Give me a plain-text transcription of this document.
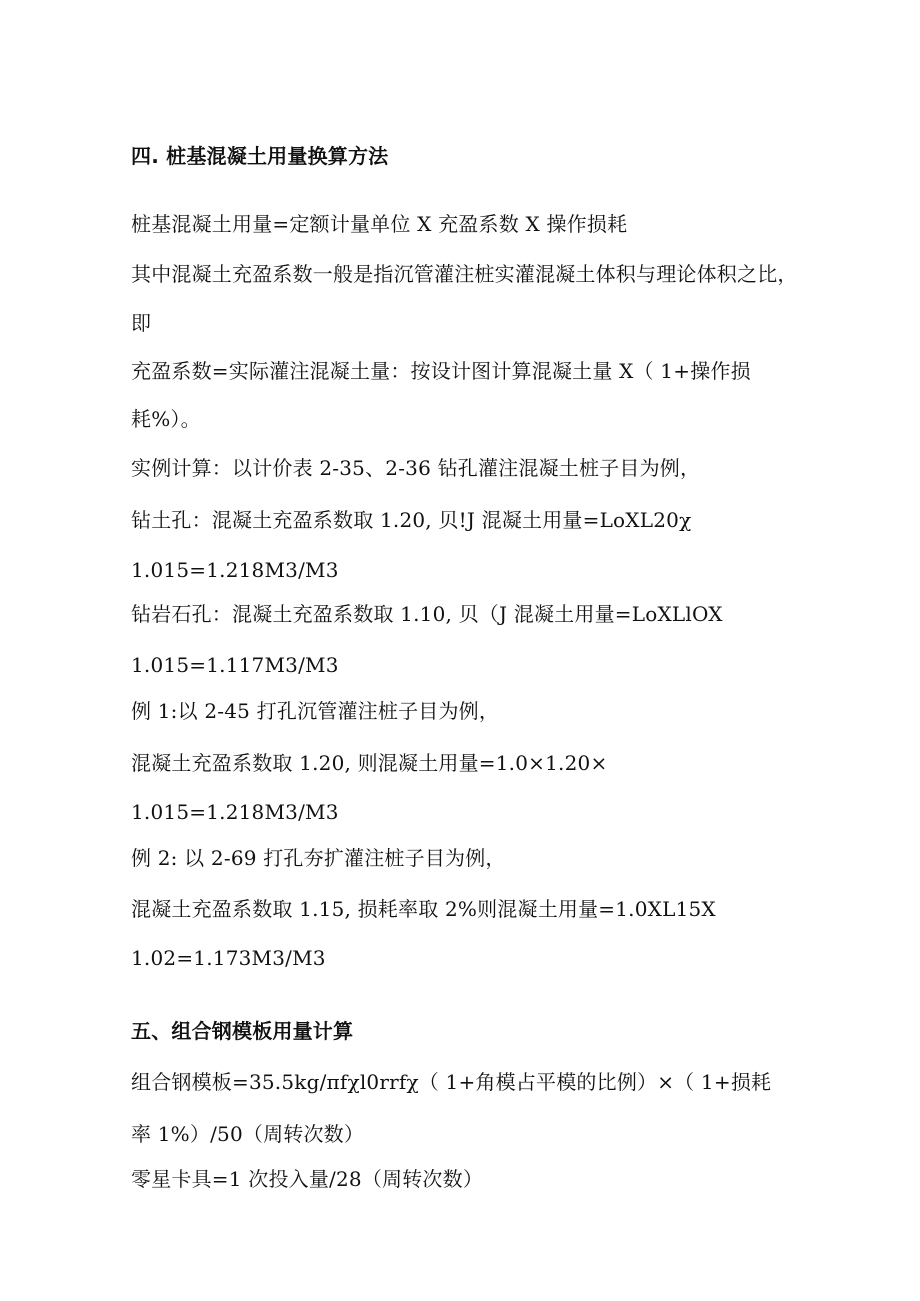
四. 桩基混凝土用量换算方法
桩基混凝土用量=定额计量单位 X 充盈系数 X 操作损耗
其中混凝土充盈系数一般是指沉管灌注桩实灌混凝土体积与理论体积之比，
即
充盈系数=实际灌注混凝土量：按设计图计算混凝土量 X（ 1+操作损
耗%）。
实例计算：以计价表 2-35、2-36 钻孔灌注混凝土桩子目为例，
钻土孔：混凝土充盈系数取 1.20, 贝!J 混凝土用量=LoXL20χ
1.015=1.218M3∕M3
钻岩石孔：混凝土充盈系数取 1.10, 贝（J 混凝土用量=LoXLlOX
1.015=1.117M3∕M3
例 1:以 2-45 打孔沉管灌注桩子目为例，
混凝土充盈系数取 1.20, 则混凝土用量=1.0×1.20×
1.015=1.218M3∕M3
例 2: 以 2-69 打孔夯扩灌注桩子目为例，
混凝土充盈系数取 1.15, 损耗率取 2%则混凝土用量=1.0XL15X
1.02=1.173M3∕M3
五、组合钢模板用量计算
组合钢模板=35.5kg∕πfχl0rrfχ（ 1+角模占平模的比例）×（ 1+损耗
率 1%）/50（周转次数）
零星卡具=1 次投入量/28（周转次数）
